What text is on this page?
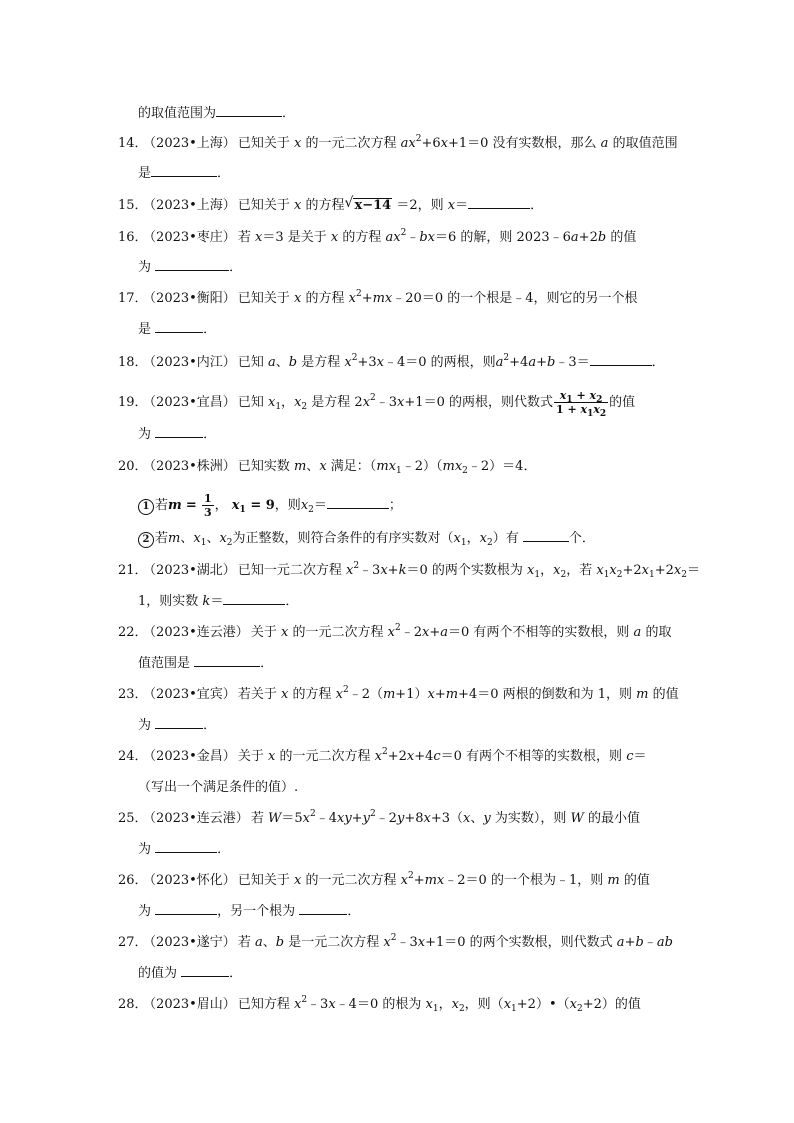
的取值范围为	．
14． （2023•上海） 已知关于 x 的一元二次方程 $ax^2+6x+1=0$ 没有实数根，那么 a 的取值范围
是	．
15． （2023•上海） 已知关于 x 的方程√ x−14 ＝2，则 x＝	．
16． （2023•枣庄） 若 x＝3 是关于 x 的方程 $ax^2﹣bx=6$ 的解，则 2023﹣6a+2b 的值
为	．
17． （2023•衡阳） 已知关于 x 的方程 $x^2+mx﹣20=0$ 的一个根是﹣4，则它的另一个根
是	．
18． （2023•内江） 已知 a、b 是方程 $x^2+3x﹣4=0$ 的两根，则$a^2+4a+b﹣3=$	．
19． （2023•宜昌） 已知 $x_1$，$x_2$ 是方程 $2x^2﹣3x+1=0$ 的两根，则代数式 $\frac{x_1 + x_2}{1 + x_1x_2}$ 的值
为	．
20． （2023•株洲） 已知实数 m、x 满足：$(mx_1﹣2)(mx_2﹣2)=4$．
1 若$m = \frac{1}{3}$ ， $x_1 = 9$，则$x_2=$	；
2 若m、$x_1$、$x_2$为正整数，则符合条件的有序实数对（$x_1$，$x_2$）有	个．
21． （2023•湖北） 已知一元二次方程 $x^2﹣3x+k=0$ 的两个实数根为 $x_1$，$x_2$，若 $x_1x_2+2x_1+2x_2=$
1，则实数 k＝	．
22． （2023•连云港） 关于 x 的一元二次方程 $x^2﹣2x+a=0$ 有两个不相等的实数根，则 a 的取
值范围是	．
23． （2023•宜宾） 若关于 x 的方程 $x^2﹣2(m+1)x+m+4=0$ 两根的倒数和为 1，则 m 的值
为	．
24． （2023•金昌） 关于 x 的一元二次方程 $x^2+2x+4c=0$ 有两个不相等的实数根，则 c＝
（写出一个满足条件的值）.
25． （2023•连云港） 若 $W=5x^2﹣4xy+y^2﹣2y+8x+3(x$、y 为实数），则 W 的最小值
为	．
26． （2023•怀化） 已知关于 x 的一元二次方程 $x^2+mx﹣2=0$ 的一个根为﹣1，则 m 的值
为	，另一个根为	．
27． （2023•遂宁） 若 a、b 是一元二次方程 $x^2﹣3x+1=0$ 的两个实数根，则代数式 a+b﹣ab
的值为	．
28． （2023•眉山） 已知方程 $x^2﹣3x﹣4=0$ 的根为 $x_1$，$x_2$，则$(x_1+2)•(x_2+2)$的值
